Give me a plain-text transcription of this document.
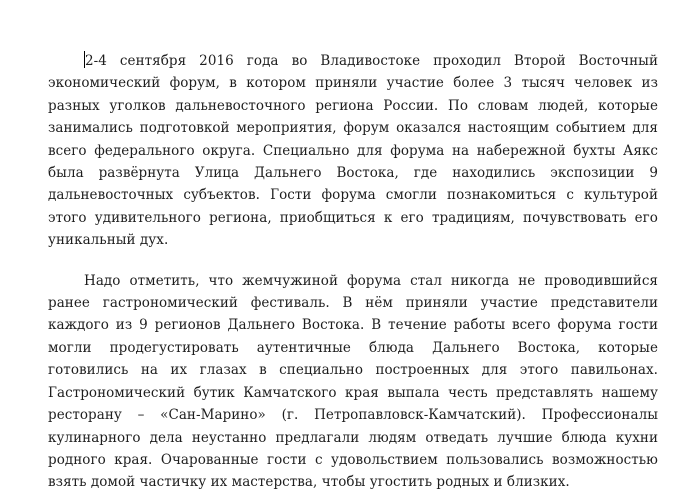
2-4 сентября 2016 года во Владивостоке проходил Второй Восточный экономический форум, в котором приняли участие более 3 тысяч человек из разных уголков дальневосточного региона России. По словам людей, которые занимались подготовкой мероприятия, форум оказался настоящим событием для всего федерального округа. Специально для форума на набережной бухты Аякс была развёрнута Улица Дальнего Востока, где находились экспозиции 9 дальневосточных субъектов. Гости форума смогли познакомиться с культурой этого удивительного региона, приобщиться к его традициям, почувствовать его уникальный дух.

Надо отметить, что жемчужиной форума стал никогда не проводившийся ранее гастрономический фестиваль. В нём приняли участие представители каждого из 9 регионов Дальнего Востока. В течение работы всего форума гости могли продегустировать аутентичные блюда Дальнего Востока, которые готовились на их глазах в специально построенных для этого павильонах. Гастрономический бутик Камчатского края выпала честь представлять нашему ресторану – «Сан-Марино» (г. Петропавловск-Камчатский). Профессионалы кулинарного дела неустанно предлагали людям отведать лучшие блюда кухни родного края. Очарованные гости с удовольствием пользовались возможностью взять домой частичку их мастерства, чтобы угостить родных и близких.
